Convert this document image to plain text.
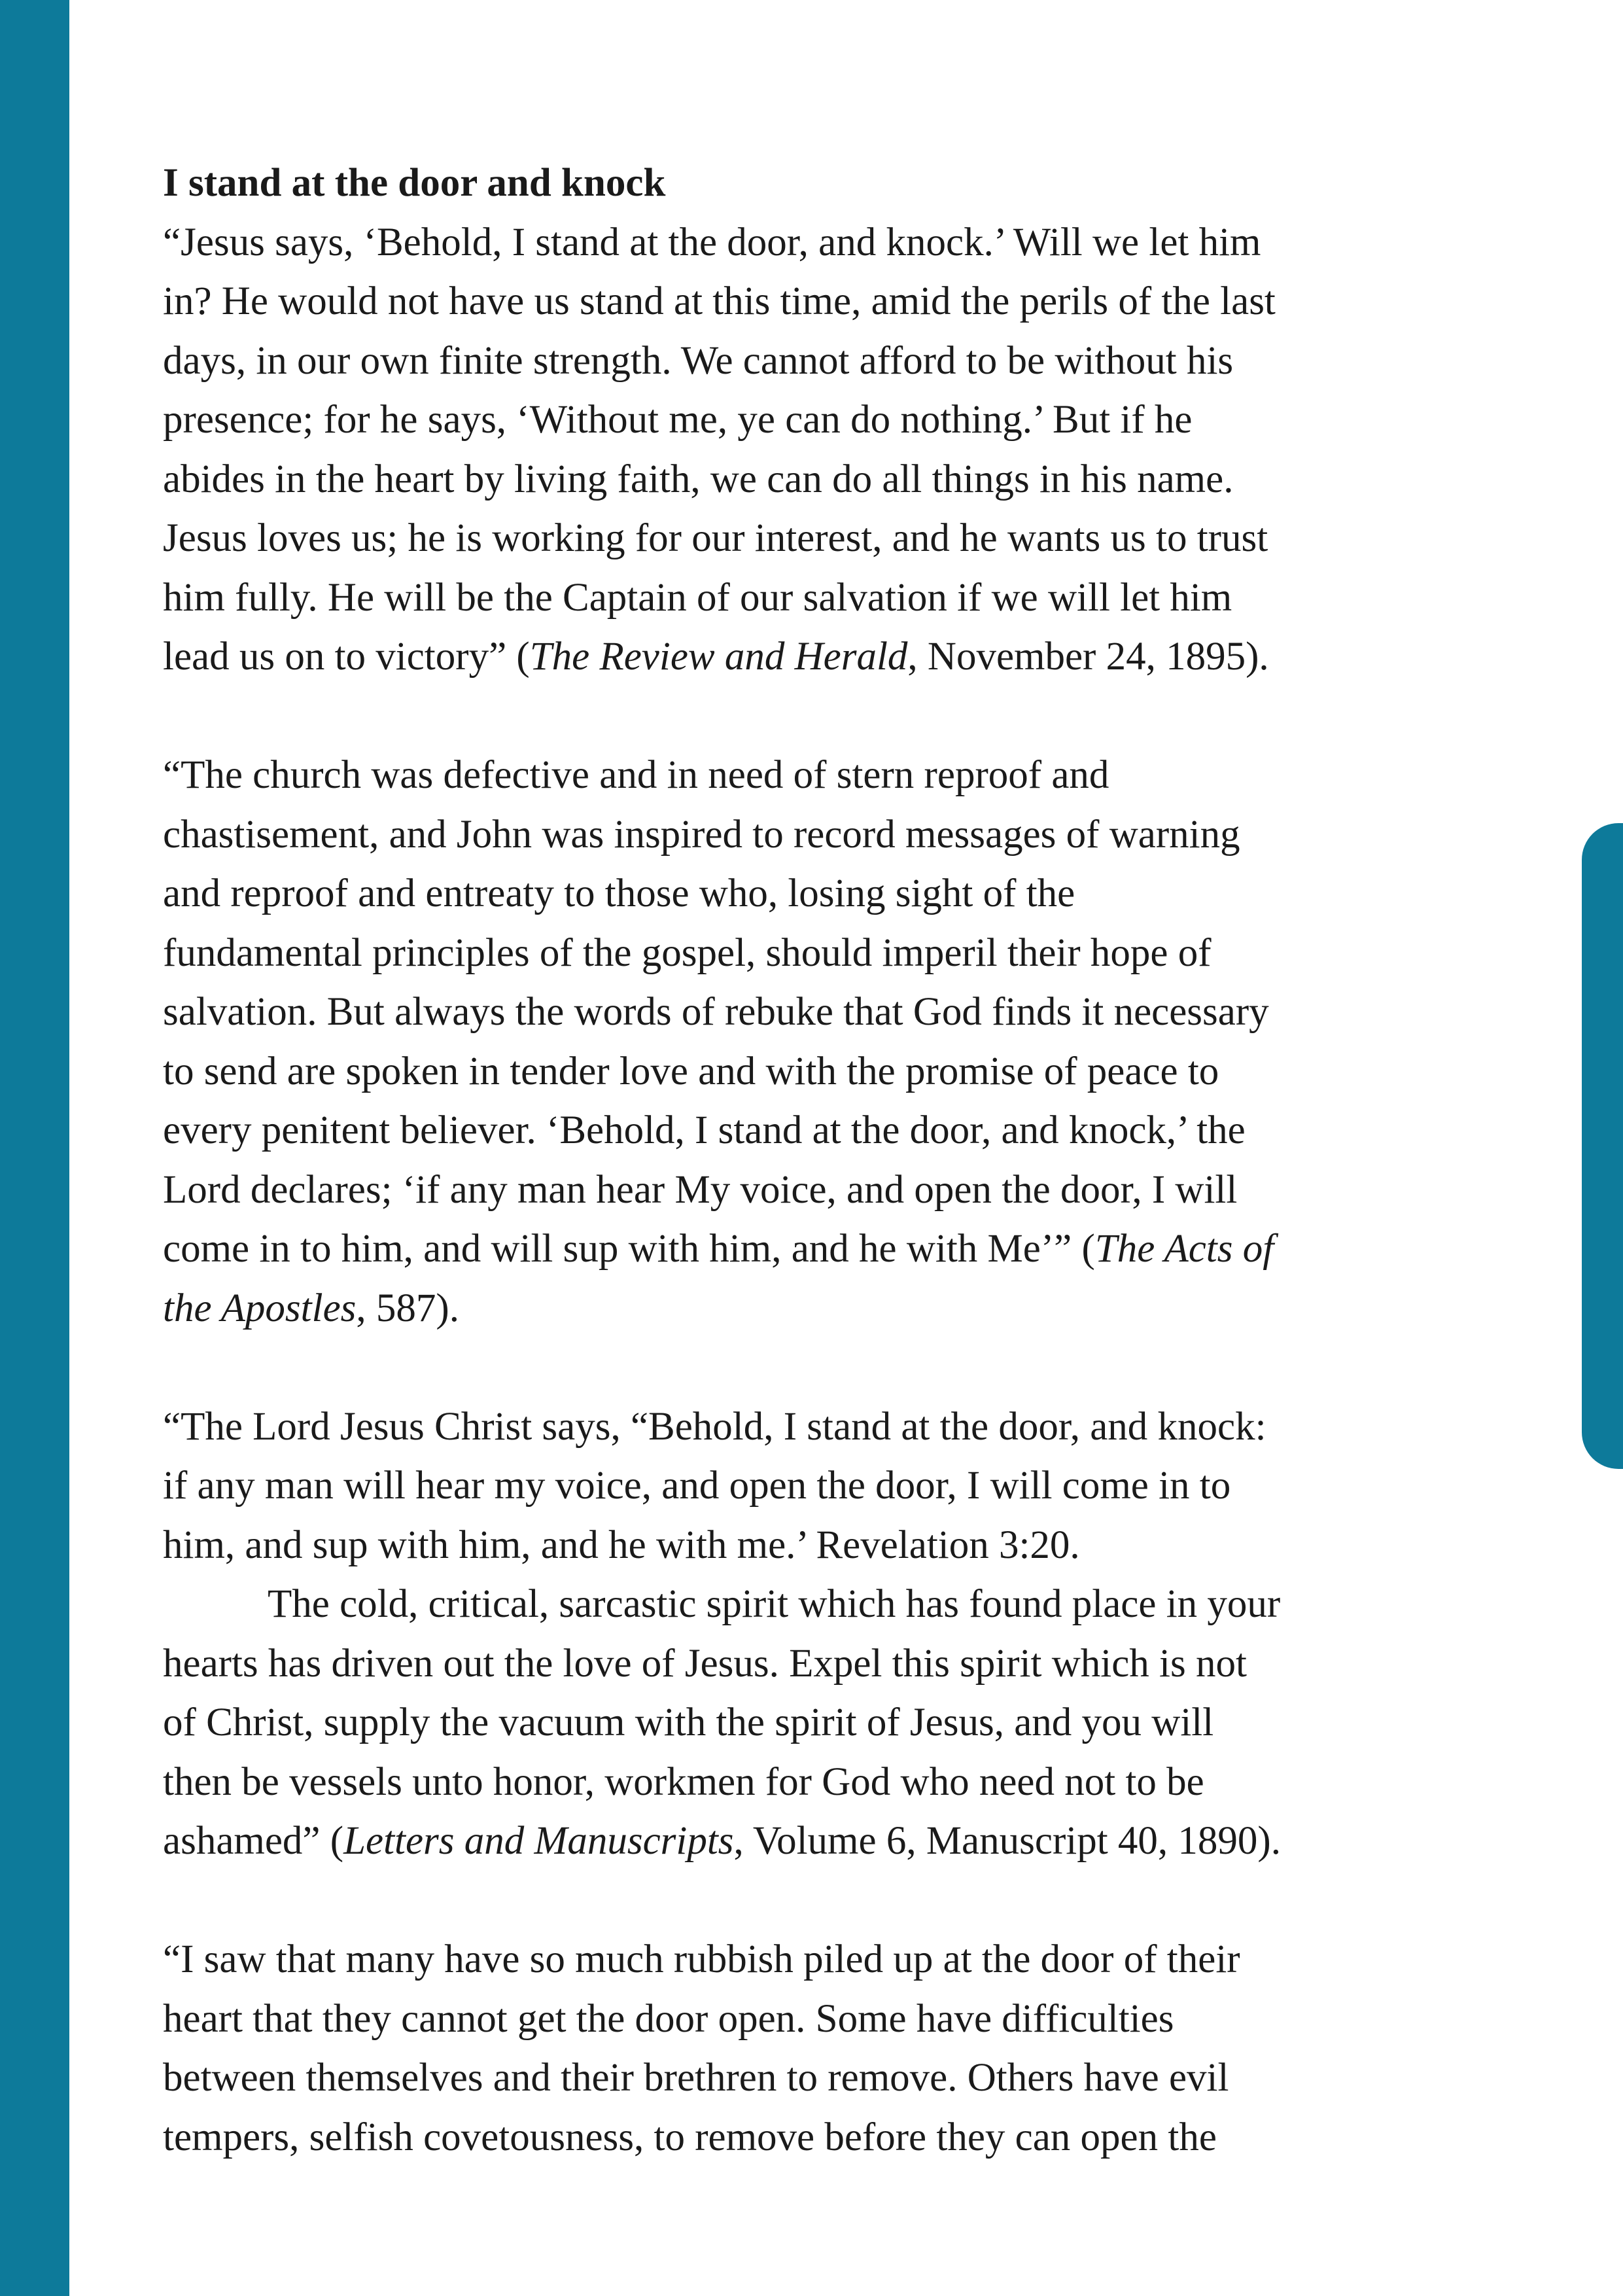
I stand at the door and knock
“Jesus says, ‘Behold, I stand at the door, and knock.’ Will we let him
in? He would not have us stand at this time, amid the perils of the last
days, in our own finite strength. We cannot afford to be without his
presence; for he says, ‘Without me, ye can do nothing.’ But if he
abides in the heart by living faith, we can do all things in his name.
Jesus loves us; he is working for our interest, and he wants us to trust
him fully. He will be the Captain of our salvation if we will let him
lead us on to victory” (The Review and Herald, November 24, 1895).
“The church was defective and in need of stern reproof and
chastisement, and John was inspired to record messages of warning
and reproof and entreaty to those who, losing sight of the
fundamental principles of the gospel, should imperil their hope of
salvation. But always the words of rebuke that God finds it necessary
to send are spoken in tender love and with the promise of peace to
every penitent believer. ‘Behold, I stand at the door, and knock,’ the
Lord declares; ‘if any man hear My voice, and open the door, I will
come in to him, and will sup with him, and he with Me’” (The Acts of
the Apostles, 587).
“The Lord Jesus Christ says, “Behold, I stand at the door, and knock:
if any man will hear my voice, and open the door, I will come in to
him, and sup with him, and he with me.’ Revelation 3:20.
The cold, critical, sarcastic spirit which has found place in your
hearts has driven out the love of Jesus. Expel this spirit which is not
of Christ, supply the vacuum with the spirit of Jesus, and you will
then be vessels unto honor, workmen for God who need not to be
ashamed” (Letters and Manuscripts, Volume 6, Manuscript 40, 1890).
“I saw that many have so much rubbish piled up at the door of their
heart that they cannot get the door open. Some have difficulties
between themselves and their brethren to remove. Others have evil
tempers, selfish covetousness, to remove before they can open the
